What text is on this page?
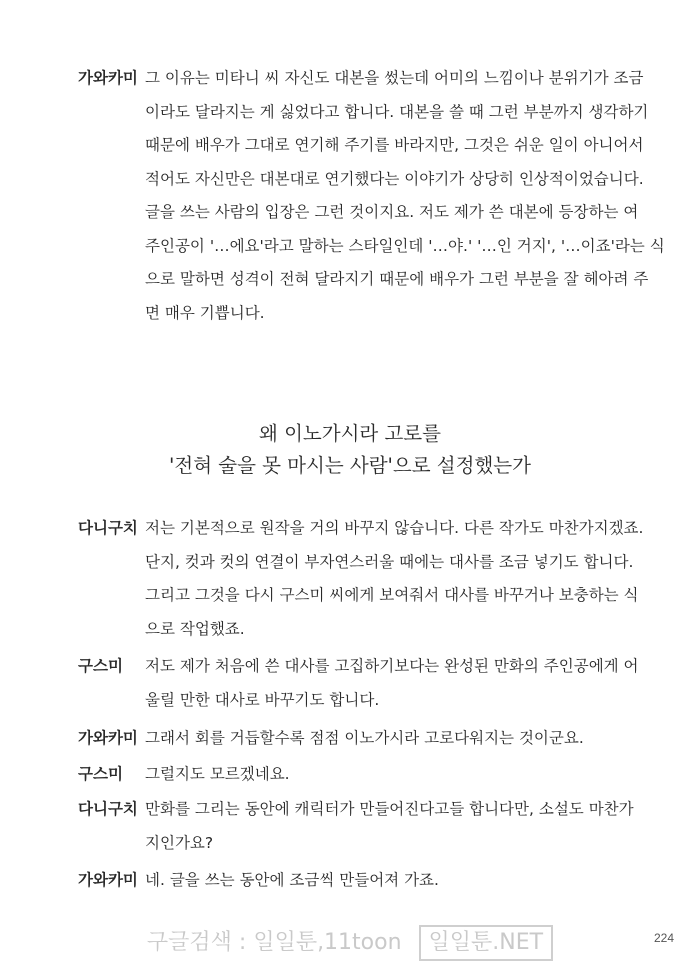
가와카미 그 이유는 미타니 씨 자신도 대본을 썼는데 어미의 느낌이나 분위기가 조금
이라도 달라지는 게 싫었다고 합니다. 대본을 쓸 때 그런 부분까지 생각하기
때문에 배우가 그대로 연기해 주기를 바라지만, 그것은 쉬운 일이 아니어서
적어도 자신만은 대본대로 연기했다는 이야기가 상당히 인상적이었습니다.
글을 쓰는 사람의 입장은 그런 것이지요. 저도 제가 쓴 대본에 등장하는 여
주인공이 '…에요'라고 말하는 스타일인데 '…야.' '…인 거지', '…이죠'라는 식
으로 말하면 성격이 전혀 달라지기 때문에 배우가 그런 부분을 잘 헤아려 주
면 매우 기쁩니다.
왜 이노가시라 고로를
'전혀 술을 못 마시는 사람'으로 설정했는가
다니구치 저는 기본적으로 원작을 거의 바꾸지 않습니다. 다른 작가도 마찬가지겠죠.
단지, 컷과 컷의 연결이 부자연스러울 때에는 대사를 조금 넣기도 합니다.
그리고 그것을 다시 구스미 씨에게 보여줘서 대사를 바꾸거나 보충하는 식
으로 작업했죠.
구스미	저도 제가 처음에 쓴 대사를 고집하기보다는 완성된 만화의 주인공에게 어
울릴 만한 대사로 바꾸기도 합니다.
가와카미 그래서 회를 거듭할수록 점점 이노가시라 고로다워지는 것이군요.
구스미	그럴지도 모르겠네요.
다니구치 만화를 그리는 동안에 캐릭터가 만들어진다고들 합니다만, 소설도 마찬가
지인가요?
가와카미 네. 글을 쓰는 동안에 조금씩 만들어져 가죠.
구글검색 : 일일툰,11toon 일일툰.NET	224
